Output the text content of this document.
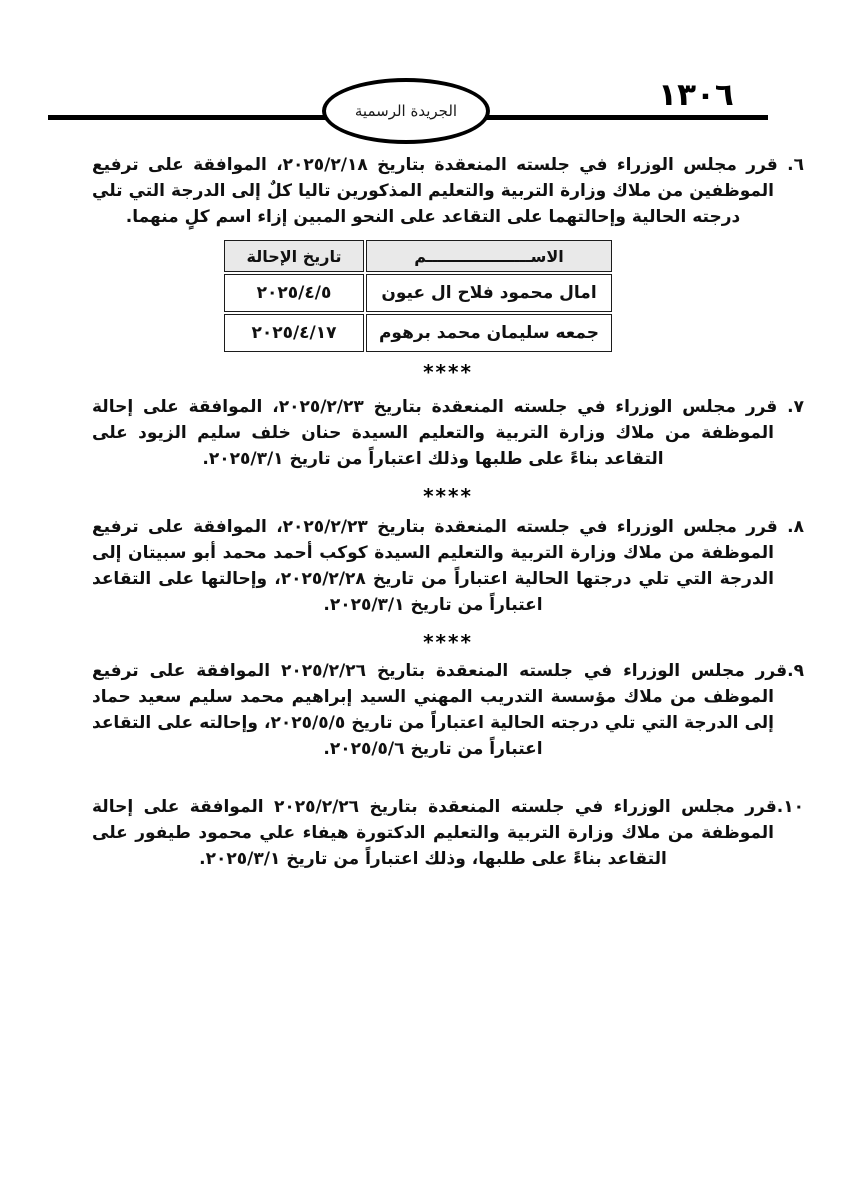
الجريدة الرسمية	١٣٠٦

٦. قرر مجلس الوزراء في جلسته المنعقدة بتاريخ ٢٠٢٥/٢/١٨، الموافقة على ترفيع الموظفين من ملاك وزارة التربية والتعليم المذكورين تاليا كلٌ إلى الدرجة التي تلي درجته الحالية وإحالتهما على التقاعد على النحو المبين إزاء اسم كلٍ منهما.

الاســـــــــــــــــــم	تاريخ الإحالة
امال محمود فلاح ال عيون	٢٠٢٥/٤/٥
جمعه سليمان محمد برهوم	٢٠٢٥/٤/١٧

****

٧. قرر مجلس الوزراء في جلسته المنعقدة بتاريخ ٢٠٢٥/٢/٢٣، الموافقة على إحالة الموظفة من ملاك وزارة التربية والتعليم السيدة حنان خلف سليم الزيود على التقاعد بناءً على طلبها وذلك اعتباراً من تاريخ ٢٠٢٥/٣/١.

****

٨. قرر مجلس الوزراء في جلسته المنعقدة بتاريخ ٢٠٢٥/٢/٢٣، الموافقة على ترفيع الموظفة من ملاك وزارة التربية والتعليم السيدة كوكب أحمد محمد أبو سبيتان إلى الدرجة التي تلي درجتها الحالية اعتباراً من تاريخ ٢٠٢٥/٢/٢٨، وإحالتها على التقاعد اعتباراً من تاريخ ٢٠٢٥/٣/١.

****

٩.قرر مجلس الوزراء في جلسته المنعقدة بتاريخ ٢٠٢٥/٢/٢٦ الموافقة على ترفيع الموظف من ملاك مؤسسة التدريب المهني السيد إبراهيم محمد سليم سعيد حماد إلى الدرجة التي تلي درجته الحالية اعتباراً من تاريخ ٢٠٢٥/٥/٥، وإحالته على التقاعد اعتباراً من تاريخ ٢٠٢٥/٥/٦.

١٠.قرر مجلس الوزراء في جلسته المنعقدة بتاريخ ٢٠٢٥/٢/٢٦ الموافقة على إحالة الموظفة من ملاك وزارة التربية والتعليم الدكتورة هيفاء علي محمود طيفور على التقاعد بناءً على طلبها، وذلك اعتباراً من تاريخ ٢٠٢٥/٣/١.
